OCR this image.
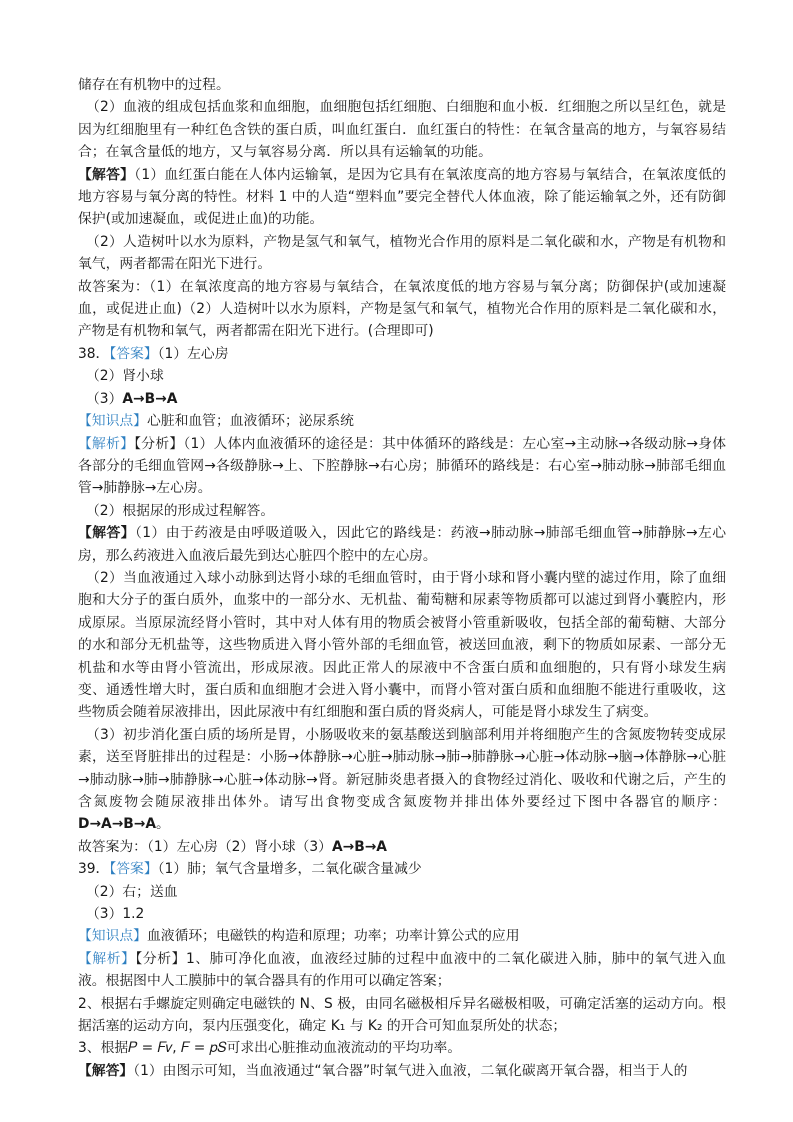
储存在有机物中的过程。

（2）血液的组成包括血浆和血细胞，血细胞包括红细胞、白细胞和血小板．红细胞之所以呈红色，就是因为红细胞里有一种红色含铁的蛋白质，叫血红蛋白．血红蛋白的特性：在氧含量高的地方，与氧容易结合；在氧含量低的地方，又与氧容易分离．所以具有运输氧的功能。

【解答】（1）血红蛋白能在人体内运输氧，是因为它具有在氧浓度高的地方容易与氧结合，在氧浓度低的地方容易与氧分离的特性。材料 1 中的人造“塑料血”要完全替代人体血液，除了能运输氧之外，还有防御保护(或加速凝血，或促进止血)的功能。

（2）人造树叶以水为原料，产物是氢气和氧气，植物光合作用的原料是二氧化碳和水，产物是有机物和氧气，两者都需在阳光下进行。

故答案为：（1）在氧浓度高的地方容易与氧结合，在氧浓度低的地方容易与氧分离；防御保护(或加速凝血，或促进止血)（2）人造树叶以水为原料，产物是氢气和氧气，植物光合作用的原料是二氧化碳和水，产物是有机物和氧气，两者都需在阳光下进行。(合理即可)

38．【答案】（1）左心房

（2）肾小球

（3）A→B→A

【知识点】心脏和血管；血液循环；泌尿系统

【解析】【分析】（1）人体内血液循环的途径是：其中体循环的路线是：左心室→主动脉→各级动脉→身体各部分的毛细血管网→各级静脉→上、下腔静脉→右心房；肺循环的路线是：右心室→肺动脉→肺部毛细血管→肺静脉→左心房。

（2）根据尿的形成过程解答。

【解答】（1）由于药液是由呼吸道吸入，因此它的路线是：药液→肺动脉→肺部毛细血管→肺静脉→左心房，那么药液进入血液后最先到达心脏四个腔中的左心房。

（2）当血液通过入球小动脉到达肾小球的毛细血管时，由于肾小球和肾小囊内壁的滤过作用，除了血细胞和大分子的蛋白质外，血浆中的一部分水、无机盐、葡萄糖和尿素等物质都可以滤过到肾小囊腔内，形成原尿。当原尿流经肾小管时，其中对人体有用的物质会被肾小管重新吸收，包括全部的葡萄糖、大部分的水和部分无机盐等，这些物质进入肾小管外部的毛细血管，被送回血液，剩下的物质如尿素、一部分无机盐和水等由肾小管流出，形成尿液。因此正常人的尿液中不含蛋白质和血细胞的，只有肾小球发生病变、通透性增大时，蛋白质和血细胞才会进入肾小囊中，而肾小管对蛋白质和血细胞不能进行重吸收，这些物质会随着尿液排出，因此尿液中有红细胞和蛋白质的肾炎病人，可能是肾小球发生了病变。

（3）初步消化蛋白质的场所是胃，小肠吸收来的氨基酸送到脑部利用并将细胞产生的含氮废物转变成尿素，送至肾脏排出的过程是：小肠→体静脉→心脏→肺动脉→肺→肺静脉→心脏→体动脉→脑→体静脉→心脏→肺动脉→肺→肺静脉→心脏→体动脉→肾。新冠肺炎患者摄入的食物经过消化、吸收和代谢之后，产生的含氮废物会随尿液排出体外。请写出食物变成含氮废物并排出体外要经过下图中各器官的顺序：D→A→B→A。

故答案为：（1）左心房（2）肾小球（3）A→B→A

39．【答案】（1）肺；氧气含量增多，二氧化碳含量减少

（2）右；送血

（3）1.2

【知识点】血液循环；电磁铁的构造和原理；功率；功率计算公式的应用

【解析】【分析】1、肺可净化血液，血液经过肺的过程中血液中的二氧化碳进入肺，肺中的氧气进入血液。根据图中人工膜肺中的氧合器具有的作用可以确定答案；

2、根据右手螺旋定则确定电磁铁的 N、S 极，由同名磁极相斥异名磁极相吸，可确定活塞的运动方向。根据活塞的运动方向，泵内压强变化，确定 K₁ 与 K₂ 的开合可知血泵所处的状态；

3、根据𝑃 = 𝐹𝑣, 𝐹 = 𝑝𝑆可求出心脏推动血液流动的平均功率。

【解答】（1）由图示可知，当血液通过“氧合器”时氧气进入血液，二氧化碳离开氧合器，相当于人的
